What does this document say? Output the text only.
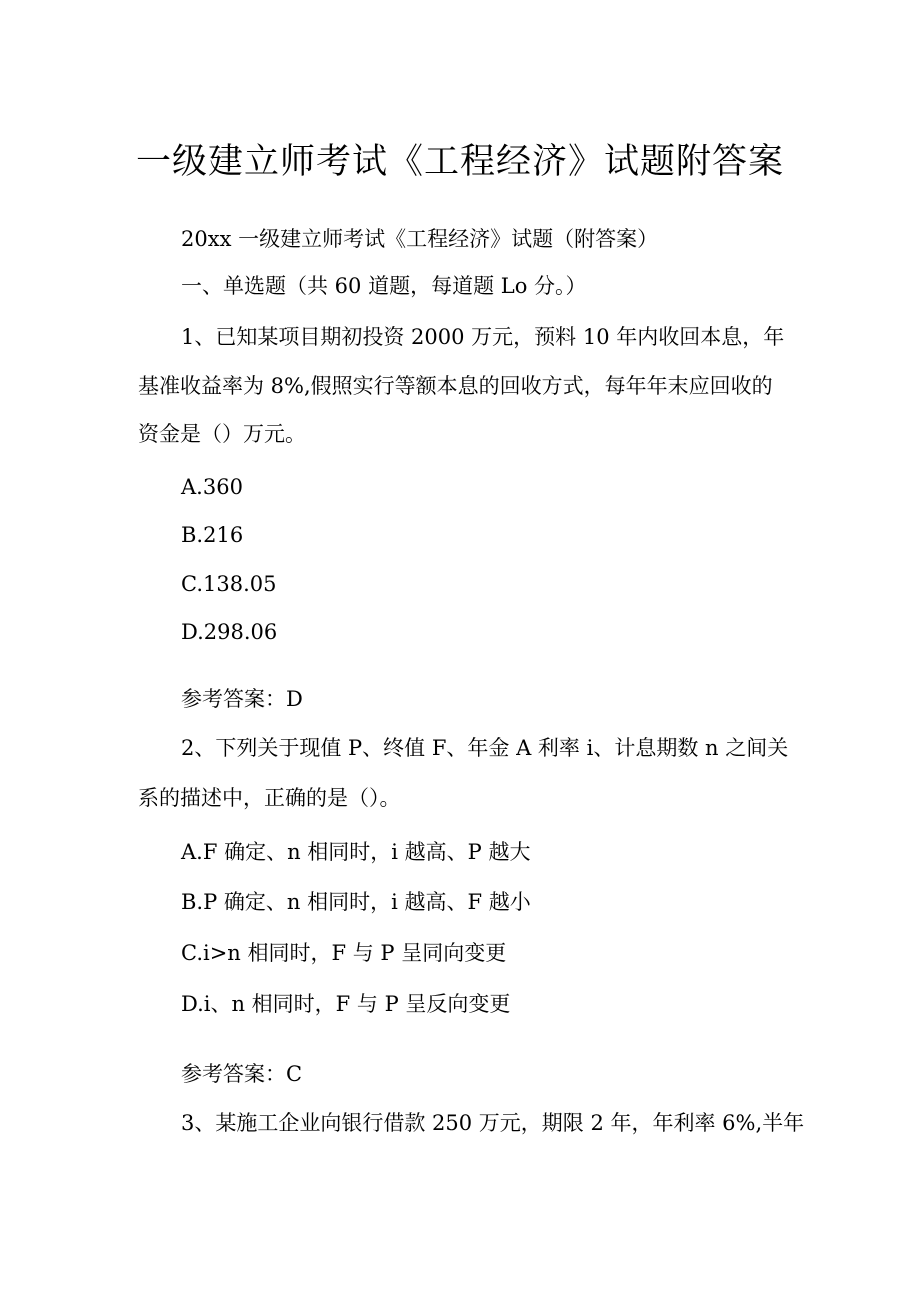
一级建立师考试《工程经济》试题附答案
20xx 一级建立师考试《工程经济》试题（附答案）
一、单选题（共 60 道题，每道题 Lo 分。）
1、已知某项目期初投资 2000 万元，预料 10 年内收回本息，年
基准收益率为 8%,假照实行等额本息的回收方式，每年年末应回收的
资金是（）万元。
A.360
B.216
C.138.05
D.298.06
参考答案：D
2、下列关于现值 P、终值 F、年金 A 利率 i、计息期数 n 之间关
系的描述中，正确的是（）。
A.F 确定、n 相同时，i 越高、P 越大
B.P 确定、n 相同时，i 越高、F 越小
C.i>n 相同时，F 与 P 呈同向变更
D.i、n 相同时，F 与 P 呈反向变更
参考答案：C
3、某施工企业向银行借款 250 万元，期限 2 年，年利率 6%,半年
